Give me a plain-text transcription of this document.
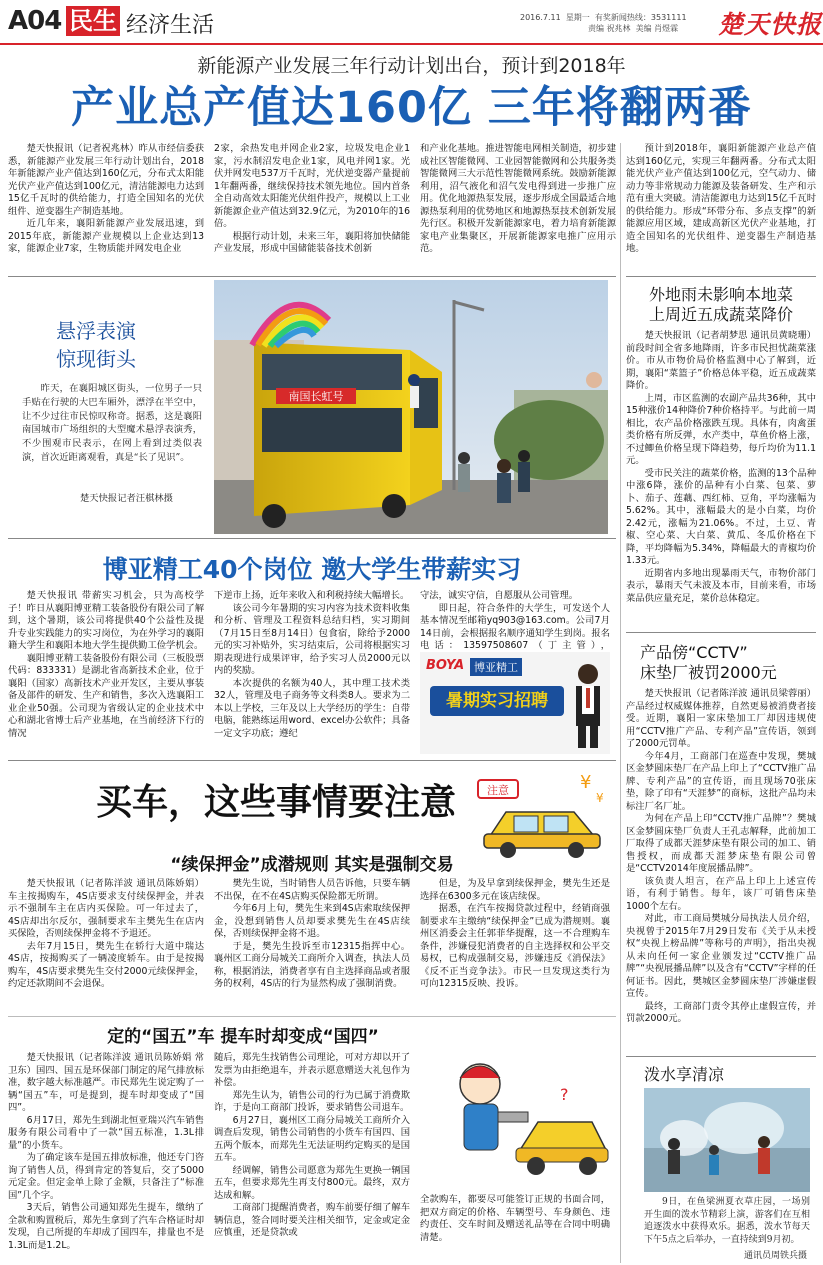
A04 民生 经济生活	2016.7.11 星期一 有奖新闻热线：3531111
责编 祝兆林 美编 肖煜霖	楚天快报
新能源产业发展三年行动计划出台，预计到2018年
产业总产值达160亿 三年将翻两番
楚天快报讯（记者祝兆林）昨从市经信委获悉，新能源产业发展三年行动计划出台，2018年新能源产业产值达到160亿元，分布式太阳能光伏产业产值达到100亿元，清洁能源电力达到15亿千瓦时的供给能力，打造全国知名的光伏组件、逆变器生产制造基地。
近几年来，襄阳新能源产业发展迅速，到2015年底，新能源产业规模以上企业达到13家，能源企业7家，生物质能并网发电企业
2家，余热发电并网企业2家，垃圾发电企业1家，污水制沼发电企业1家，风电并网1家。光伏并网发电537万千瓦时，光伏逆变器产量提前1年翻两番，继续保持技术领先地位。国内首条全自动高效太阳能光伏组件投产，规模以上工业新能源企业产值达到32.9亿元，为2010年的16倍。
根据行动计划，未来三年，襄阳将加快储能产业发展，形成中国储能装备技术创新
和产业化基地。推进智能电网相关制造，初步建成社区智能微网、工业园智能微网和公共服务类智能微网三大示范性智能微网系统。鼓励新能源利用，沼气液化和沼气发电得到进一步推广应用。优化地源热泵发展，逐步形成全国最适合地源热泵利用的优势地区和地源热泵技术创新发展先行区。积极开发新能源家电，着力培育新能源家电产业集聚区，开展新能源家电推广应用示范。
预计到2018年，襄阳新能源产业总产值达到160亿元，实现三年翻两番。分布式太阳能光伏产业产值达到100亿元，空气动力、储动力等非常规动力能源及装备研发、生产和示范有重大突破。清洁能源电力达到15亿千瓦时的供给能力。形成“环带分布、多点支撑”的新能源应用区域，建成高新区光伏产业基地，打造全国知名的光伏组件、逆变器生产制造基地。
悬浮表演
惊现街头
昨天，在襄阳城区街头，一位男子一只手贴在行驶的大巴车厢外，漂浮在半空中，让不少过往市民惊叹称奇。据悉，这是襄阳南国城市广场组织的大型魔术悬浮表演秀，不少围观市民表示，在网上看到过类似表演，首次近距离观看，真是“长了见识”。
楚天快报记者汪棋林摄
南国长虹号
博亚精工40个岗位 邀大学生带薪实习
楚天快报讯 带薪实习机会，只为高校学子！昨日从襄阳博亚精工装备股份有限公司了解到，这个暑期，该公司将提供40个公益性及提升专业实践能力的实习岗位，为在外学习的襄阳籍大学生和襄阳本地大学生提供勤工俭学机会。
襄阳博亚精工装备股份有限公司（三板股票代码：833331）是湖北省高新技术企业，位于襄阳（国家）高新技术产业开发区，主要从事装备及部件的研发、生产和销售，多次入选襄阳工业企业50强。公司现为省级认定的企业技术中心和湖北省博士后产业基地，在当前经济下行的情况
下逆市上扬，近年来收入和利税持续大幅增长。
该公司今年暑期的实习内容为技术资料收集和分析、管理及工程资料总结归档，实习期间（7月15日至8月14日）包食宿，除给予2000元的实习补贴外，实习结束后，公司将根据实习期表现进行成果评审，给予实习人员2000元以内的奖励。
本次提供的名额为40人，其中理工技术类32人，管理及电子商务等文科类8人。要求为二本以上学校，三年及以上大学经历的学生：自带电脑，能熟练运用word、excel办公软件；具备一定文字功底；遵纪
守法，诚实守信，自愿服从公司管理。
即日起，符合条件的大学生，可发送个人基本情况至邮箱yq903@163.com。公司7月14日前，会根据报名顺序通知学生到岗。报名电话：13597508607（丁主管），
BOYA 博亚精工
暑期实习招聘
买车，这些事情要注意	注意	¥
¥
“续保押金”成潜规则 其实是强制交易
楚天快报讯（记者陈洋波 通讯员陈娇娟）车主按揭购车，4S店要求支付续保押金，并表示不强制车主在店内买保险。可一年过去了，4S店却出尔反尔，强制要求车主樊先生在店内买保险，否则续保押金将不予退还。
去年7月15日，樊先生在轿行大道中瑞达4S店，按揭购买了一辆凌度轿车。由于是按揭购车，4S店要求樊先生交付2000元续保押金，约定还款期间不会退保。
樊先生说，当时销售人员告诉他，只要车辆不出保，在不在4S店购买保险都无所谓。
今年6月上旬，樊先生来到4S店索取续保押金，没想到销售人员却要求樊先生在4S店续保，否则续保押金将不退。
于是，樊先生投诉至市12315指挥中心。襄州区工商分局城关工商所介入调查，执法人员称，根据消法，消费者享有自主选择商品或者服务的权利，4S店的行为显然构成了强制消费。
但是，为及早拿到续保押金，樊先生还是选择在6300多元在该店续保。
据悉，在汽车按揭贷款过程中，经销商强制要求车主缴纳“续保押金”已成为潜规则。襄州区消委会主任郭菲华提醒，这一不合理购车条件，涉嫌侵犯消费者的自主选择权和公平交易权，已构成强制交易，涉嫌违反《消保法》《反不正当竞争法》。市民一旦发现这类行为可向12315反映、投诉。
定的“国五”车 提车时却变成“国四”
楚天快报讯（记者陈洋波 通讯员陈娇娟 常卫东）国四、国五是环保部门制定的尾气排放标准，数字越大标准越严。市民郑先生说定购了一辆“国五”车，可是提到，提车时却变成了“国四”。
6月17日，郑先生到湖北恒亚瑞兴汽车销售服务有限公司看中了一款“国五标准，1.3L排量”的小货车。
为了确定该车是国五排放标准，他还专门咨询了销售人员，得到肯定的答复后，交了5000元定金。但定金单上除了金额，只备注了“标准国”几个字。
3天后，销售公司通知郑先生提车，缴纳了全款和购置税后，郑先生拿到了汽车合格证时却发现，自己所提的车却成了国四车，排量也不是1.3L而是1.2L。
随后，郑先生找销售公司理论，可对方却以开了发票为由拒绝退车，并表示愿意赠送大礼包作为补偿。
郑先生认为，销售公司的行为已属于消费欺诈，于是向工商部门投诉，要求销售公司退车。
6月27日，襄州区工商分局城关工商所介入调查后发现，销售公司销售的小货车有国四、国五两个版本，而郑先生无法证明约定购买的是国五车。
经调解，销售公司愿意为郑先生更换一辆国五车，但要求郑先生再支付800元。最终，双方达成和解。
工商部门提醒消费者，购车前要仔细了解车辆信息，签合同时要关注相关细节，定金或定金应慎重，还是贷款或
?
全款购车，都要尽可能签订正规的书面合同，把双方商定的价格、车辆型号、车身颜色、违约责任、交车时间及赠送礼品等在合同中明确清楚。
外地雨未影响本地菜
上周近五成蔬菜降价
楚天快报讯（记者胡梦思 通讯员黄晓珊）前段时间全省多地降雨，许多市民担忧蔬菜涨价。市从市物价局价格监测中心了解到，近期，襄阳“菜篮子”价格总体平稳，近五成蔬菜降价。
上周，市区监测的农副产品共36种，其中15种涨价14种降价7种价格持平。与此前一周相比，农产品价格涨跌互现。具体有，肉禽蛋类价格有所反弹，水产类中，草鱼价格上涨，不过鲫鱼价格呈现下降趋势，每斤均价为11.1元。
受市民关注的蔬菜价格，监测的13个品种中涨6降，涨价的品种有小白菜、包菜、萝卜、茄子、莲藕、西红柿、豆角，平均涨幅为5.62%。其中，涨幅最大的是小白菜，均价2.42元，涨幅为21.06%。不过，土豆、青椒、空心菜、大白菜、黄瓜、冬瓜价格在下降，平均降幅为5.34%，降幅最大的青椒均价1.33元。
近期省内多地出现暴雨天气，市物价部门表示，暴雨天气未波及本市，目前来看，市场菜品供应量充足，菜价总体稳定。
产品傍“CCTV”
床垫厂被罚2000元
楚天快报讯（记者陈洋波 通讯员梁蓉丽）产品经过权威媒体推荐，自然更易被消费者接受。近期，襄阳一家床垫加工厂却因违规使用“CCTV推广产品、专利产品”宣传语，领到了2000元罚单。
今年4月，工商部门在巡查中发现，樊城区金梦圆床垫厂在产品上印上了“CCTV推广品牌、专利产品”的宣传语，而且现场70张床垫，除了印有“天涯梦”的商标，这批产品均未标注厂名厂址。
为何在产品上印“CCTV推广品牌”？樊城区金梦圆床垫厂负责人王孔志解释，此前加工厂取得了成都天涯梦床垫有限公司的加工、销售授权，而成都天涯梦床垫有限公司曾是“CCTV2014年度展播品牌”。
该负责人坦言，在产品上印上上述宣传语，有利于销售。每年，该厂可销售床垫1000个左右。
对此，市工商局樊城分局执法人员介绍，央视曾于2015年7月29日发布《关于从未授权“央视上榜品牌”等称号的声明》，指出央视从未向任何一家企业颁发过“CCTV推广品牌”“央视展播品牌”以及含有“CCTV”字样的任何证书。因此，樊城区金梦圆床垫厂涉嫌虚假宣传。
最终，工商部门责令其停止虚假宣传，并罚款2000元。
泼水享清凉
9日，在鱼梁洲夏衣草庄园，一场别开生面的泼水节精彩上演，游客们在互相追逐泼水中获得欢乐。据悉，泼水节每天下午5点之后举办，一直持续到9月初。
通讯员周铁兵摄
